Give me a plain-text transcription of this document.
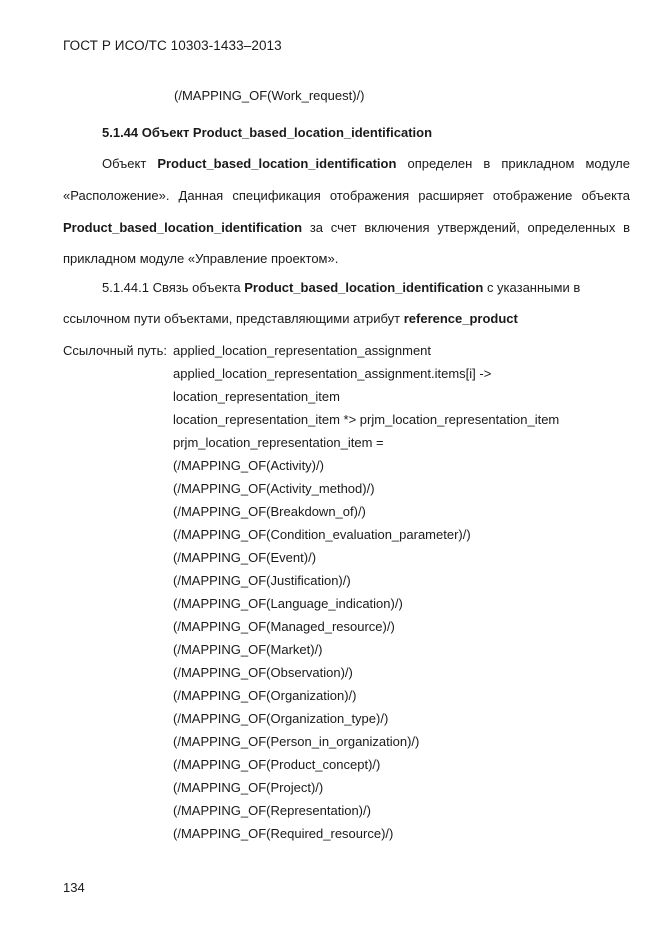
ГОСТ Р ИСО/ТС 10303-1433–2013
(/MAPPING_OF(Work_request)/)
5.1.44 Объект Product_based_location_identification
Объект Product_based_location_identification определен в прикладном модуле
«Расположение». Данная спецификация отображения расширяет отображение объекта
Product_based_location_identification за счет включения утверждений, определенных в
прикладном модуле «Управление проектом».
5.1.44.1 Связь объекта Product_based_location_identification с указанными в
ссылочном пути объектами, представляющими атрибут reference_product
Ссылочный путь: applied_location_representation_assignment
applied_location_representation_assignment.items[i] ->
location_representation_item
location_representation_item *> prjm_location_representation_item
prjm_location_representation_item =
(/MAPPING_OF(Activity)/)
(/MAPPING_OF(Activity_method)/)
(/MAPPING_OF(Breakdown_of)/)
(/MAPPING_OF(Condition_evaluation_parameter)/)
(/MAPPING_OF(Event)/)
(/MAPPING_OF(Justification)/)
(/MAPPING_OF(Language_indication)/)
(/MAPPING_OF(Managed_resource)/)
(/MAPPING_OF(Market)/)
(/MAPPING_OF(Observation)/)
(/MAPPING_OF(Organization)/)
(/MAPPING_OF(Organization_type)/)
(/MAPPING_OF(Person_in_organization)/)
(/MAPPING_OF(Product_concept)/)
(/MAPPING_OF(Project)/)
(/MAPPING_OF(Representation)/)
(/MAPPING_OF(Required_resource)/)
134
